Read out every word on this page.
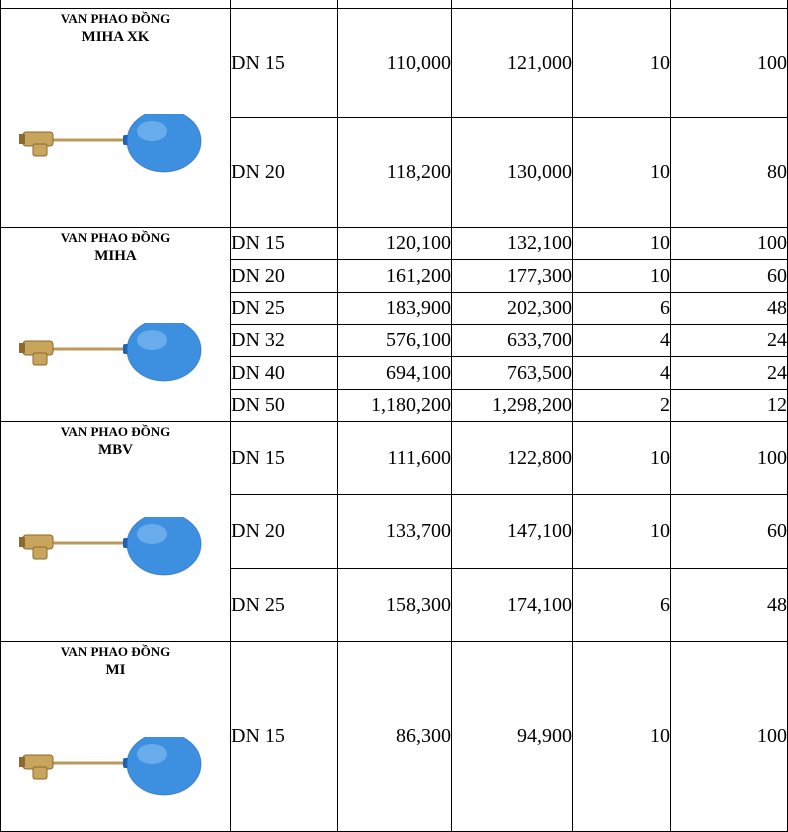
VAN PHAO ĐỒNG
MIHA XK	DN 15	110,000	121,000	10	100
	DN 20	118,200	130,000	10	80

VAN PHAO ĐỒNG
MIHA	DN 15	120,100	132,100	10	100
	DN 20	161,200	177,300	10	60
	DN 25	183,900	202,300	6	48
	DN 32	576,100	633,700	4	24
	DN 40	694,100	763,500	4	24
	DN 50	1,180,200	1,298,200	2	12

VAN PHAO ĐỒNG
MBV	DN 15	111,600	122,800	10	100
	DN 20	133,700	147,100	10	60
	DN 25	158,300	174,100	6	48

VAN PHAO ĐỒNG
MI	DN 15	86,300	94,900	10	100
